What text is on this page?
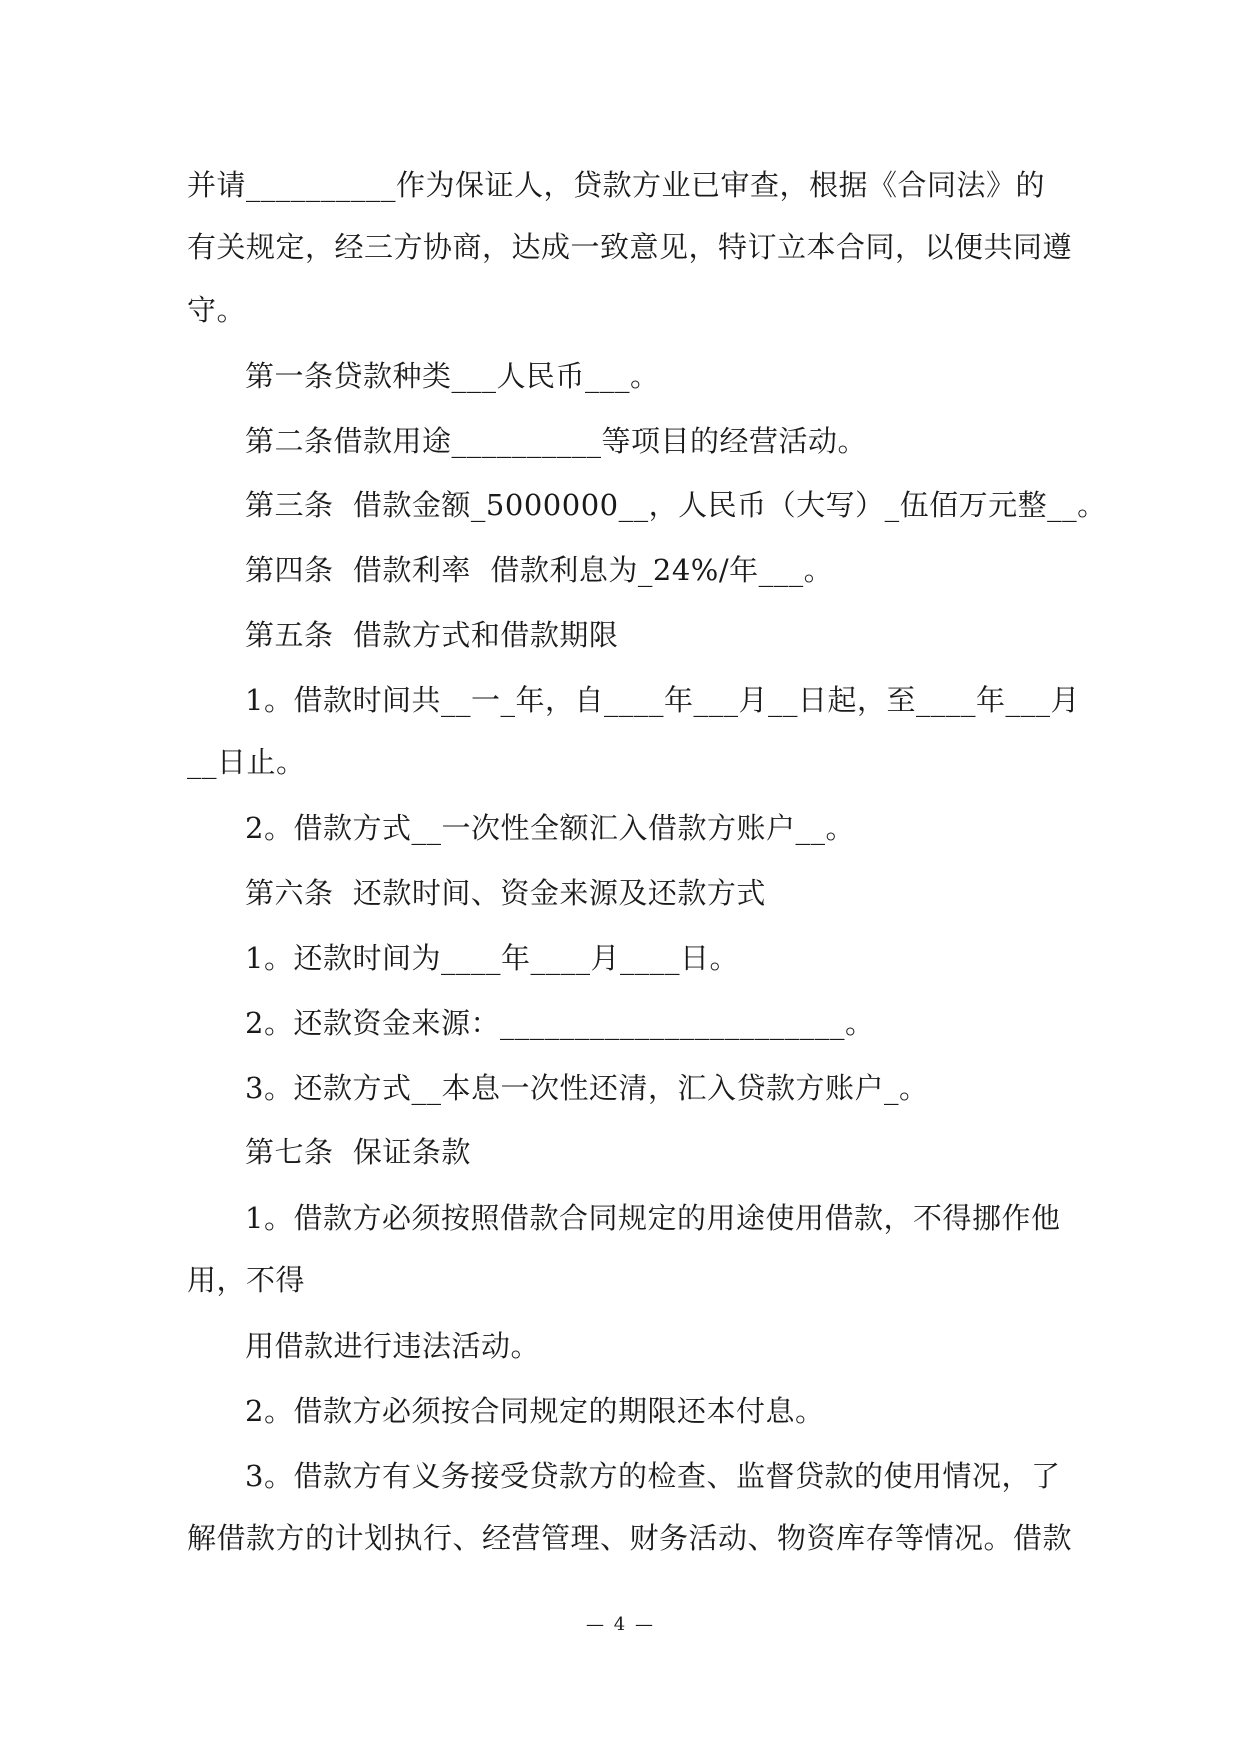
并请__________作为保证人，贷款方业已审查，根据《合同法》的

有关规定，经三方协商，达成一致意见，特订立本合同，以便共同遵

守。

第一条贷款种类___人民币___。

第二条借款用途__________等项目的经营活动。

第三条  借款金额_5000000__，人民币（大写）_伍佰万元整__。

第四条  借款利率  借款利息为_24%/年___。

第五条  借款方式和借款期限

1。借款时间共__一_年，自____年___月__日起，至____年___月

__日止。

2。借款方式__一次性全额汇入借款方账户__。

第六条  还款时间、资金来源及还款方式

1。还款时间为____年____月____日。

2。还款资金来源：_______________________。

3。还款方式__本息一次性还清，汇入贷款方账户_。

第七条  保证条款

1。借款方必须按照借款合同规定的用途使用借款，不得挪作他

用，不得

用借款进行违法活动。

2。借款方必须按合同规定的期限还本付息。

3。借款方有义务接受贷款方的检查、监督贷款的使用情况，了

解借款方的计划执行、经营管理、财务活动、物资库存等情况。借款

— 4 —
